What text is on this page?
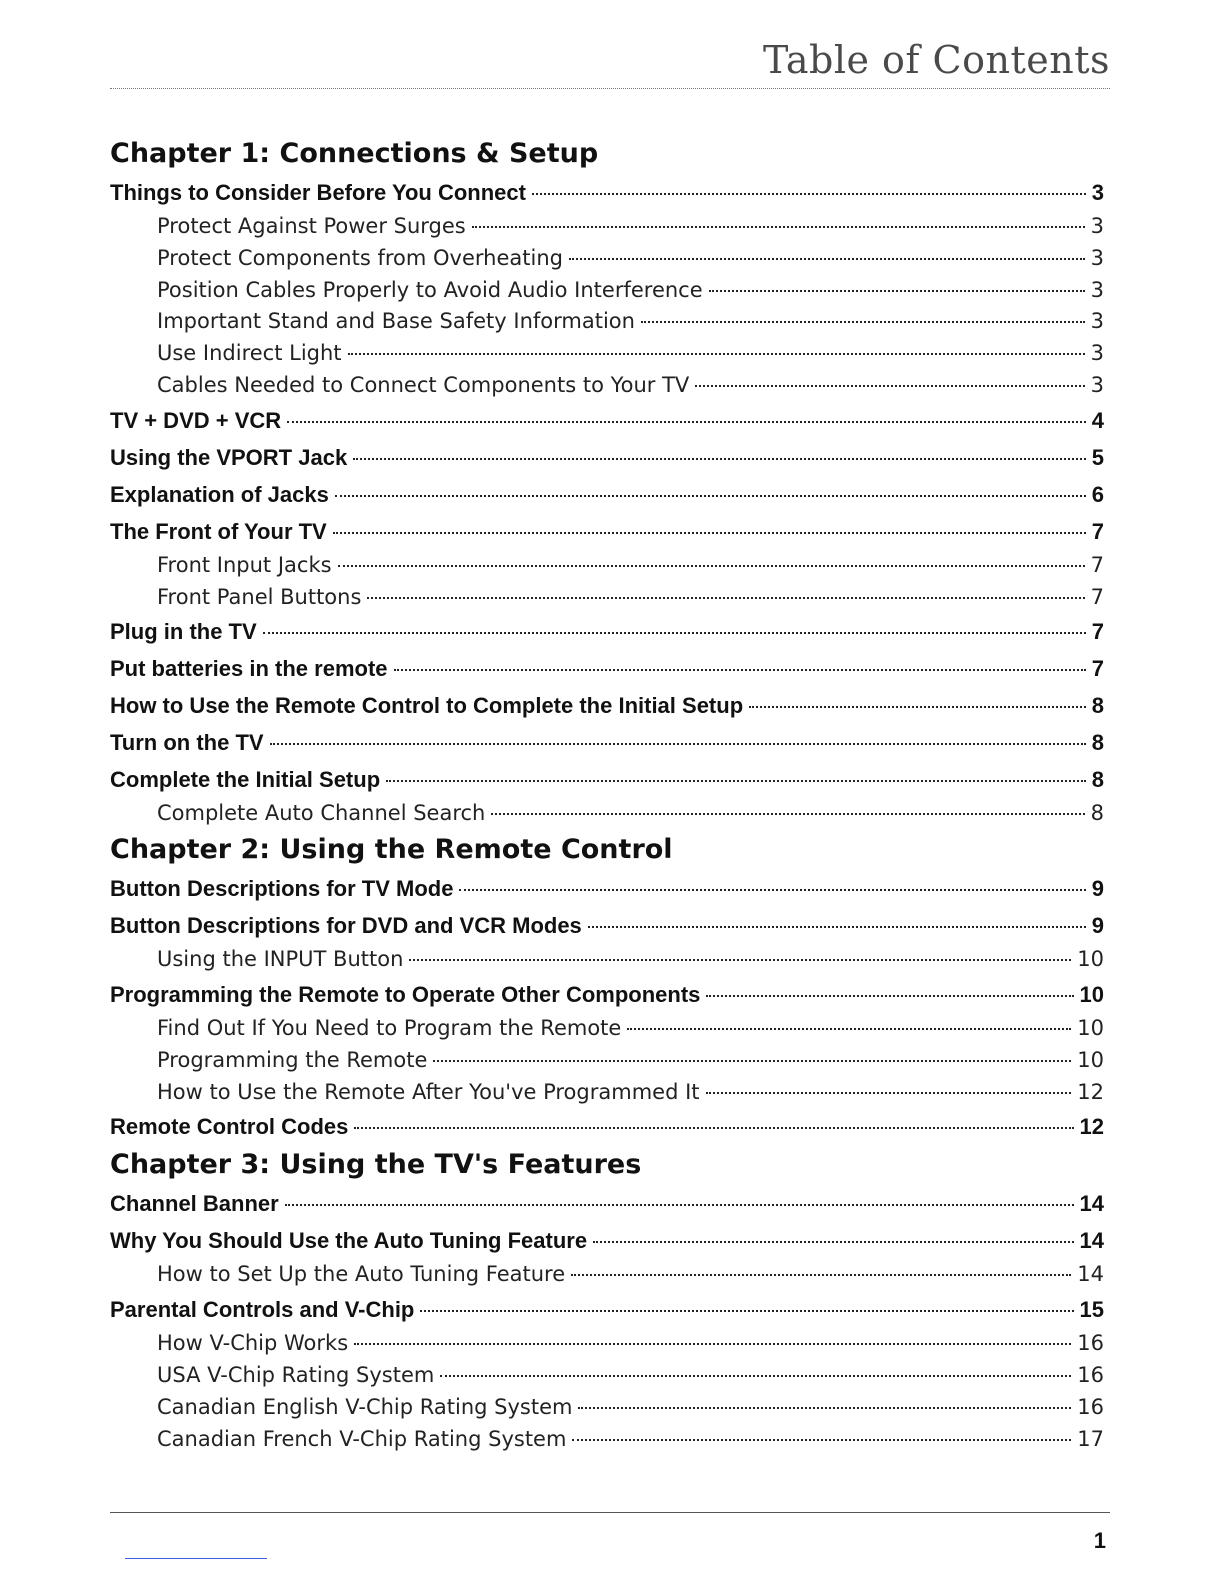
Table of Contents
Chapter 1: Connections & Setup
Things to Consider Before You Connect	3
Protect Against Power Surges	3
Protect Components from Overheating	3
Position Cables Properly to Avoid Audio Interference	3
Important Stand and Base Safety Information	3
Use Indirect Light	3
Cables Needed to Connect Components to Your TV	3
TV + DVD + VCR	4
Using the VPORT Jack	5
Explanation of Jacks	6
The Front of Your TV	7
Front Input Jacks	7
Front Panel Buttons	7
Plug in the TV	7
Put batteries in the remote	7
How to Use the Remote Control to Complete the Initial Setup	8
Turn on the TV	8
Complete the Initial Setup	8
Complete Auto Channel Search	8
Chapter 2: Using the Remote Control
Button Descriptions for TV Mode	9
Button Descriptions for DVD and VCR Modes	9
Using the INPUT Button	10
Programming the Remote to Operate Other Components	10
Find Out If You Need to Program the Remote	10
Programming the Remote	10
How to Use the Remote After You've Programmed It	12
Remote Control Codes	12
Chapter 3: Using the TV's Features
Channel Banner	14
Why You Should Use the Auto Tuning Feature	14
How to Set Up the Auto Tuning Feature	14
Parental Controls and V-Chip	15
How V-Chip Works	16
USA V-Chip Rating System	16
Canadian English V-Chip Rating System	16
Canadian French V-Chip Rating System	17
1
